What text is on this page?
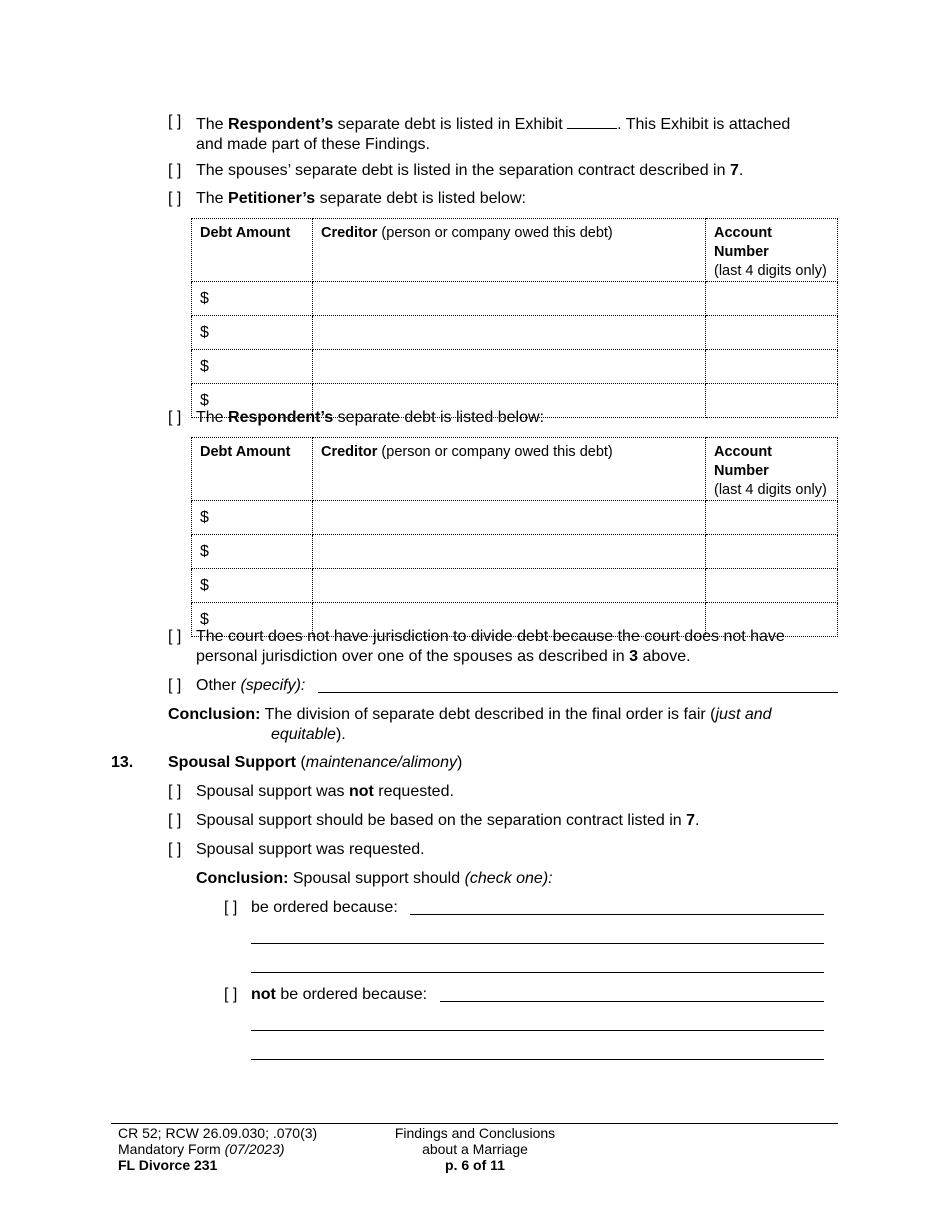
[ ] The Respondent’s separate debt is listed in Exhibit	. This Exhibit is attached
and made part of these Findings.
[ ] The spouses’ separate debt is listed in the separation contract described in 7.
[ ] The Petitioner’s separate debt is listed below:
Debt Amount	Creditor (person or company owed this debt)	Account Number
(last 4 digits only)
$		
$		
$		
$		
[ ] The Respondent’s separate debt is listed below:
Debt Amount	Creditor (person or company owed this debt)	Account Number
(last 4 digits only)
$		
$		
$		
$		
[ ] The court does not have jurisdiction to divide debt because the court does not have
personal jurisdiction over one of the spouses as described in 3 above.
[ ] Other (specify):
Conclusion: The division of separate debt described in the final order is fair (just and
equitable).
13. Spousal Support (maintenance/alimony)
[ ] Spousal support was not requested.
[ ] Spousal support should be based on the separation contract listed in 7.
[ ] Spousal support was requested.
Conclusion: Spousal support should (check one):
[ ] be ordered because:
[ ] not be ordered because:
CR 52; RCW 26.09.030; .070(3)
Mandatory Form (07/2023)
FL Divorce 231
Findings and Conclusions
about a Marriage
p. 6 of 11
